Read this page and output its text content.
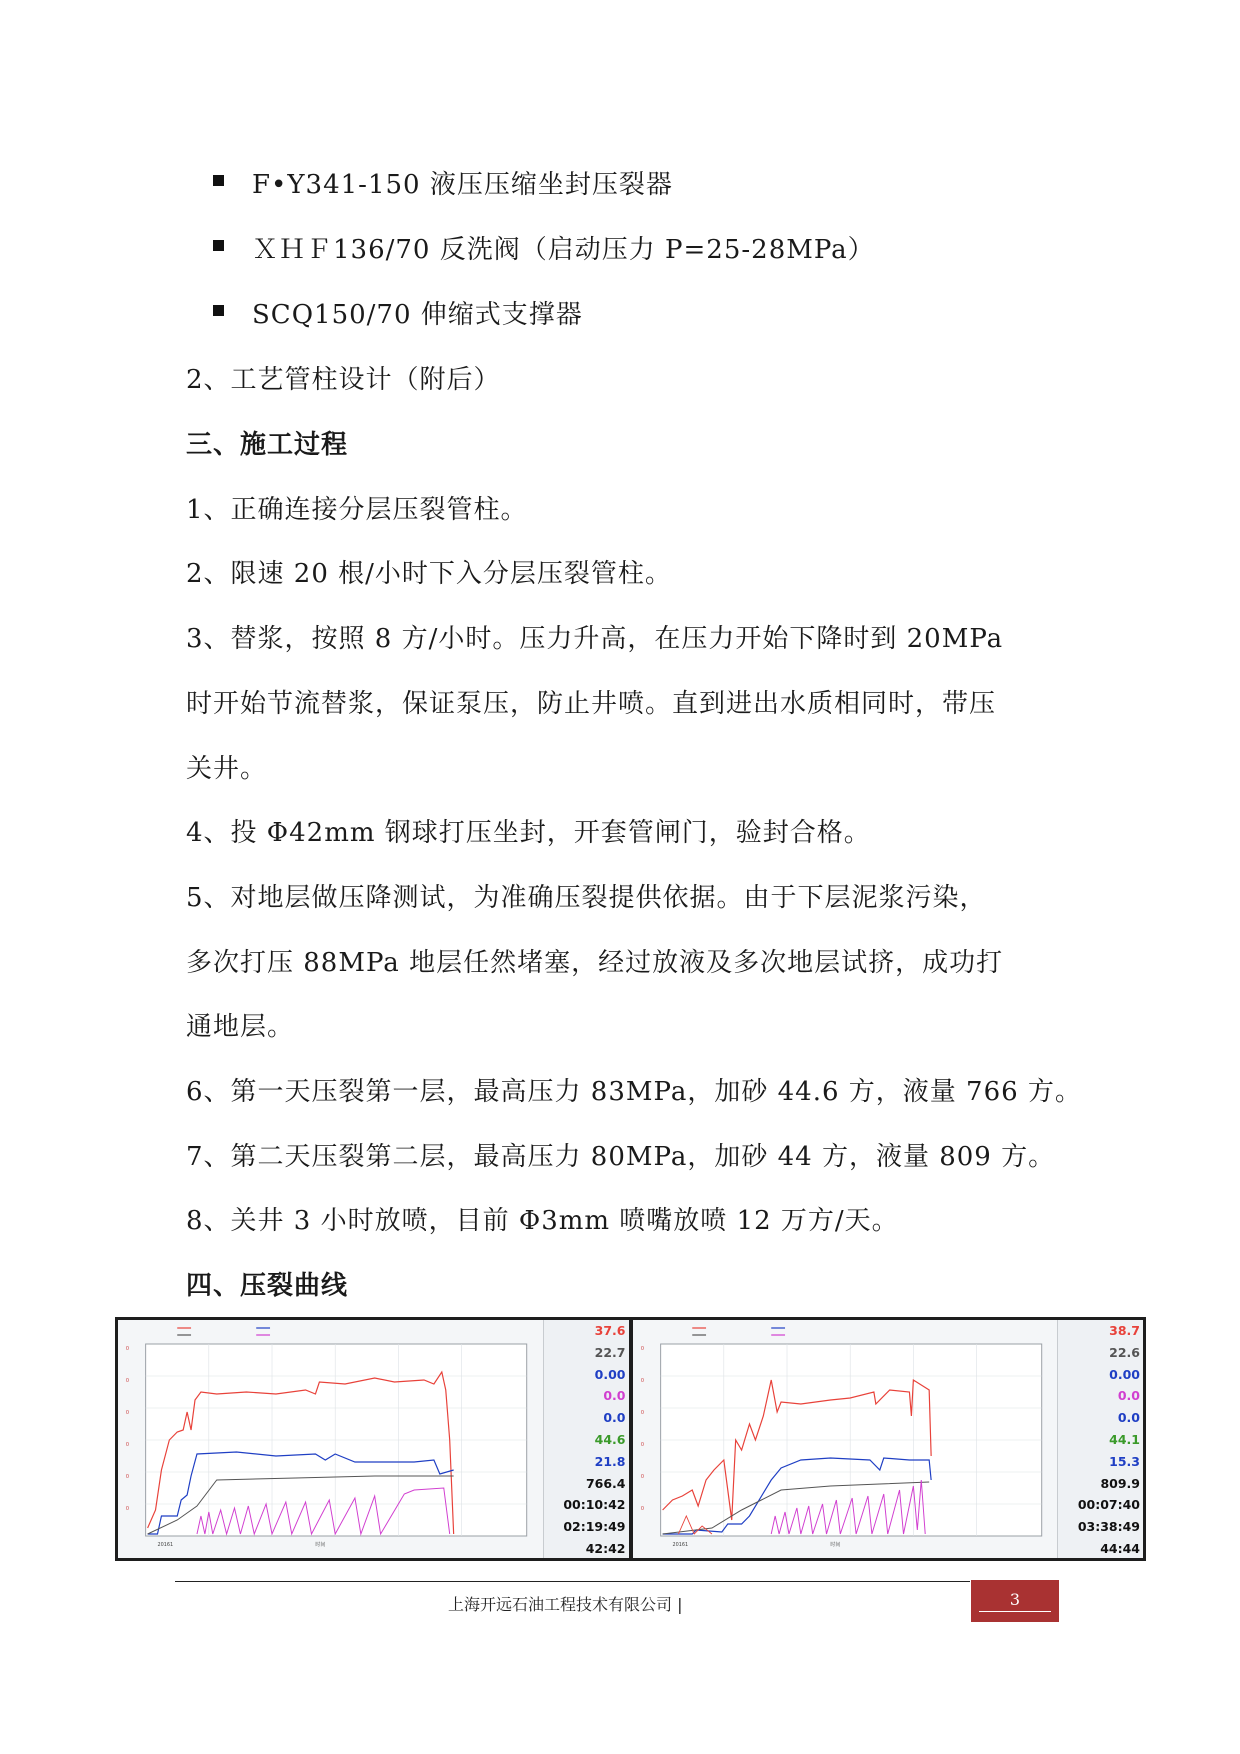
F•Y341-150 液压压缩坐封压裂器
ＸＨＦ136/70 反洗阀（启动压力 P=25-28MPa）
SCQ150/70 伸缩式支撑器
2、工艺管柱设计（附后）
三、施工过程
1、正确连接分层压裂管柱。
2、限速 20 根/小时下入分层压裂管柱。
3、替浆，按照 8 方/小时。压力升高，在压力开始下降时到 20MPa
时开始节流替浆，保证泵压，防止井喷。直到进出水质相同时，带压
关井。
4、投 Φ42mm 钢球打压坐封，开套管闸门，验封合格。
5、对地层做压降测试，为准确压裂提供依据。由于下层泥浆污染，
多次打压 88MPa 地层任然堵塞，经过放液及多次地层试挤，成功打
通地层。
6、第一天压裂第一层，最高压力 83MPa，加砂 44.6 方，液量 766 方。
7、第二天压裂第二层，最高压力 80MPa，加砂 44 方，液量 809 方。
8、关井 3 小时放喷，目前 Φ3mm 喷嘴放喷 12 万方/天。
四、压裂曲线
0
0
0
0
0
0
20161	时间
37.6
22.7
0.00
0.0
0.0
44.6
21.8
766.4
00:10:42
02:19:49
42:42
0
0
0
0
0
0
20161	时间
38.7
22.6
0.00
0.0
0.0
44.1
15.3
809.9
00:07:40
03:38:49
44:44
上海开远石油工程技术有限公司 |	3
